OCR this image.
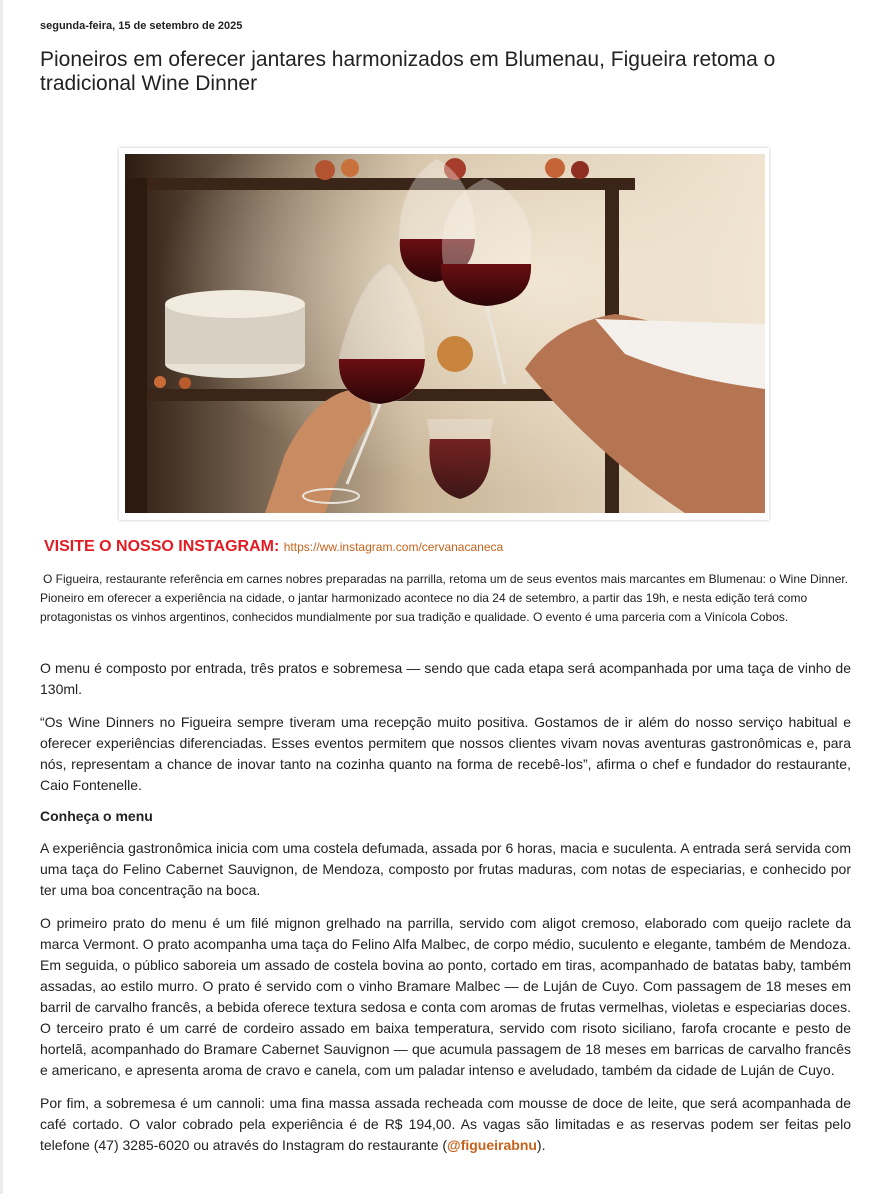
segunda-feira, 15 de setembro de 2025
Pioneiros em oferecer jantares harmonizados em Blumenau, Figueira retoma o tradicional Wine Dinner
VISITE O NOSSO INSTAGRAM: https://ww.instagram.com/cervanacaneca

O Figueira, restaurante referência em carnes nobres preparadas na parrilla, retoma um de seus eventos mais marcantes em Blumenau: o Wine Dinner. Pioneiro em oferecer a experiência na cidade, o jantar harmonizado acontece no dia 24 de setembro, a partir das 19h, e nesta edição terá como protagonistas os vinhos argentinos, conhecidos mundialmente por sua tradição e qualidade. O evento é uma parceria com a Vinícola Cobos.

O menu é composto por entrada, três pratos e sobremesa — sendo que cada etapa será acompanhada por uma taça de vinho de 130ml.

“Os Wine Dinners no Figueira sempre tiveram uma recepção muito positiva. Gostamos de ir além do nosso serviço habitual e oferecer experiências diferenciadas. Esses eventos permitem que nossos clientes vivam novas aventuras gastronômicas e, para nós, representam a chance de inovar tanto na cozinha quanto na forma de recebê-los”, afirma o chef e fundador do restaurante, Caio Fontenelle.

Conheça o menu

A experiência gastronômica inicia com uma costela defumada, assada por 6 horas, macia e suculenta. A entrada será servida com uma taça do Felino Cabernet Sauvignon, de Mendoza, composto por frutas maduras, com notas de especiarias, e conhecido por ter uma boa concentração na boca.

O primeiro prato do menu é um filé mignon grelhado na parrilla, servido com aligot cremoso, elaborado com queijo raclete da marca Vermont. O prato acompanha uma taça do Felino Alfa Malbec, de corpo médio, suculento e elegante, também de Mendoza. Em seguida, o público saboreia um assado de costela bovina ao ponto, cortado em tiras, acompanhado de batatas baby, também assadas, ao estilo murro. O prato é servido com o vinho Bramare Malbec — de Luján de Cuyo. Com passagem de 18 meses em barril de carvalho francês, a bebida oferece textura sedosa e conta com aromas de frutas vermelhas, violetas e especiarias doces. O terceiro prato é um carré de cordeiro assado em baixa temperatura, servido com risoto siciliano, farofa crocante e pesto de hortelã, acompanhado do Bramare Cabernet Sauvignon — que acumula passagem de 18 meses em barricas de carvalho francês e americano, e apresenta aroma de cravo e canela, com um paladar intenso e aveludado, também da cidade de Luján de Cuyo.

Por fim, a sobremesa é um cannoli: uma fina massa assada recheada com mousse de doce de leite, que será acompanhada de café cortado. O valor cobrado pela experiência é de R$ 194,00. As vagas são limitadas e as reservas podem ser feitas pelo telefone (47) 3285-6020 ou através do Instagram do restaurante (@figueirabnu).
